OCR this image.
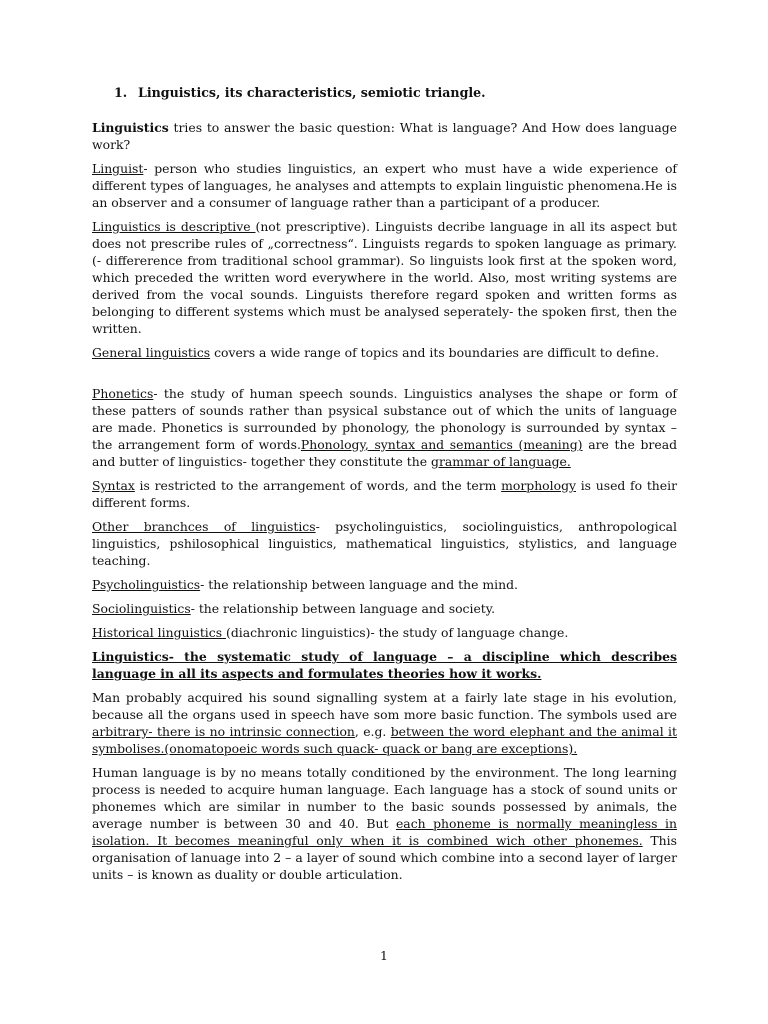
1. Linguistics, its characteristics, semiotic triangle.

Linguistics tries to answer the basic question: What is language? And How does language work?

Linguist- person who studies linguistics, an expert who must have a wide experience of different types of languages, he analyses and attempts to explain linguistic phenomena.He is an observer and a consumer of language rather than a participant of a producer.

Linguistics is descriptive (not prescriptive). Linguists decribe language in all its aspect but does not prescribe rules of „correctness“. Linguists regards to spoken language as primary.(- differerence from traditional school grammar). So linguists look first at the spoken word, which preceded the written word everywhere in the world. Also, most writing systems are derived from the vocal sounds. Linguists therefore regard spoken and written forms as belonging to different systems which must be analysed seperately- the spoken first, then the written.

General linguistics covers a wide range of topics and its boundaries are difficult to define.

Phonetics- the study of human speech sounds. Linguistics analyses the shape or form of these patters of sounds rather than psysical substance out of which the units of language are made. Phonetics is surrounded by phonology, the phonology is surrounded by syntax – the arrangement form of words.Phonology, syntax and semantics (meaning) are the bread and butter of linguistics- together they constitute the grammar of language.

Syntax is restricted to the arrangement of words, and the term morphology is used fo their different forms.

Other branchces of linguistics- psycholinguistics, sociolinguistics, anthropological linguistics, pshilosophical linguistics, mathematical linguistics, stylistics, and language teaching.

Psycholinguistics- the relationship between language and the mind.

Sociolinguistics- the relationship between language and society.

Historical linguistics (diachronic linguistics)- the study of language change.

Linguistics- the systematic study of language – a discipline which describes language in all its aspects and formulates theories how it works.

Man probably acquired his sound signalling system at a fairly late stage in his evolution, because all the organs used in speech have som more basic function. The symbols used are arbitrary- there is no intrinsic connection, e.g. between the word elephant and the animal it symbolises.(onomatopoeic words such quack- quack or bang are exceptions).

Human language is by no means totally conditioned by the environment. The long learning process is needed to acquire human language. Each language has a stock of sound units or phonemes which are similar in number to the basic sounds possessed by animals, the average number is between 30 and 40. But each phoneme is normally meaningless in isolation. It becomes meaningful only when it is combined wich other phonemes. This organisation of lanuage into 2 – a layer of sound which combine into a second layer of larger units – is known as duality or double articulation.

1
